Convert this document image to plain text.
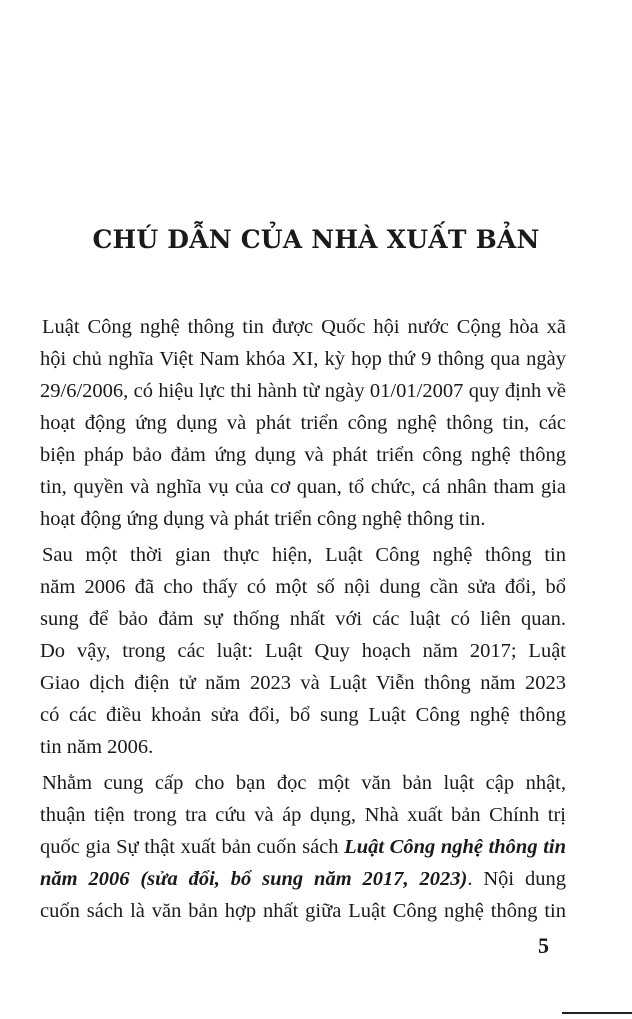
CHÚ DẪN CỦA NHÀ XUẤT BẢN

Luật Công nghệ thông tin được Quốc hội nước Cộng hòa xã
hội chủ nghĩa Việt Nam khóa XI, kỳ họp thứ 9 thông qua ngày
29/6/2006, có hiệu lực thi hành từ ngày 01/01/2007 quy định về
hoạt động ứng dụng và phát triển công nghệ thông tin, các
biện pháp bảo đảm ứng dụng và phát triển công nghệ thông
tin, quyền và nghĩa vụ của cơ quan, tổ chức, cá nhân tham gia
hoạt động ứng dụng và phát triển công nghệ thông tin.

Sau một thời gian thực hiện, Luật Công nghệ thông tin
năm 2006 đã cho thấy có một số nội dung cần sửa đổi, bổ
sung để bảo đảm sự thống nhất với các luật có liên quan.
Do vậy, trong các luật: Luật Quy hoạch năm 2017; Luật
Giao dịch điện tử năm 2023 và Luật Viễn thông năm 2023
có các điều khoản sửa đổi, bổ sung Luật Công nghệ thông
tin năm 2006.

Nhằm cung cấp cho bạn đọc một văn bản luật cập nhật,
thuận tiện trong tra cứu và áp dụng, Nhà xuất bản Chính trị
quốc gia Sự thật xuất bản cuốn sách Luật Công nghệ thông tin
năm 2006 (sửa đổi, bổ sung năm 2017, 2023). Nội dung
cuốn sách là văn bản hợp nhất giữa Luật Công nghệ thông tin

5
